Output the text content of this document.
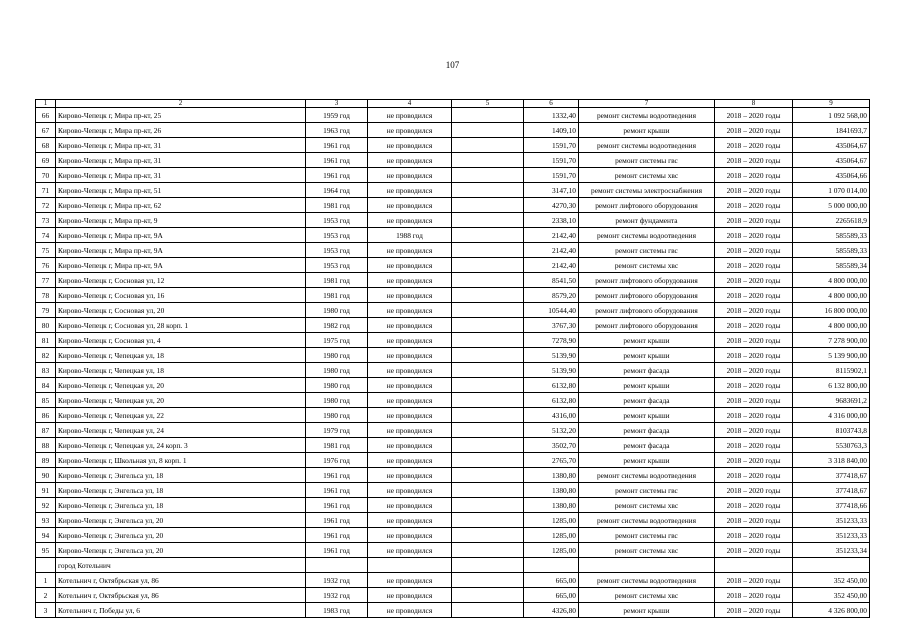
107
1	2	3	4	5	6	7	8	9
66	Кирово-Чепецк г, Мира пр-кт, 25	1959 год	не проводился		1332,40	ремонт системы водоотведения	2018 – 2020 годы	1 092 568,00
67	Кирово-Чепецк г, Мира пр-кт, 26	1963 год	не проводился		1409,10	ремонт крыши	2018 – 2020 годы	1841693,7
68	Кирово-Чепецк г, Мира пр-кт, 31	1961 год	не проводился		1591,70	ремонт системы водоотведения	2018 – 2020 годы	435064,67
69	Кирово-Чепецк г, Мира пр-кт, 31	1961 год	не проводился		1591,70	ремонт системы гвс	2018 – 2020 годы	435064,67
70	Кирово-Чепецк г, Мира пр-кт, 31	1961 год	не проводился		1591,70	ремонт системы хвс	2018 – 2020 годы	435064,66
71	Кирово-Чепецк г, Мира пр-кт, 51	1964 год	не проводился		3147,10	ремонт системы электроснабжения	2018 – 2020 годы	1 070 014,00
72	Кирово-Чепецк г, Мира пр-кт, 62	1981 год	не проводился		4270,30	ремонт лифтового оборудования	2018 – 2020 годы	5 000 000,00
73	Кирово-Чепецк г, Мира пр-кт, 9	1953 год	не проводился		2338,10	ремонт фундамента	2018 – 2020 годы	2265618,9
74	Кирово-Чепецк г, Мира пр-кт, 9А	1953 год	1988 год		2142,40	ремонт системы водоотведения	2018 – 2020 годы	585589,33
75	Кирово-Чепецк г, Мира пр-кт, 9А	1953 год	не проводился		2142,40	ремонт системы гвс	2018 – 2020 годы	585589,33
76	Кирово-Чепецк г, Мира пр-кт, 9А	1953 год	не проводился		2142,40	ремонт системы хвс	2018 – 2020 годы	585589,34
77	Кирово-Чепецк г, Сосновая ул, 12	1981 год	не проводился		8541,50	ремонт лифтового оборудования	2018 – 2020 годы	4 800 000,00
78	Кирово-Чепецк г, Сосновая ул, 16	1981 год	не проводился		8579,20	ремонт лифтового оборудования	2018 – 2020 годы	4 800 000,00
79	Кирово-Чепецк г, Сосновая ул, 20	1980 год	не проводился		10544,40	ремонт лифтового оборудования	2018 – 2020 годы	16 800 000,00
80	Кирово-Чепецк г, Сосновая ул, 28 корп. 1	1982 год	не проводился		3767,30	ремонт лифтового оборудования	2018 – 2020 годы	4 800 000,00
81	Кирово-Чепецк г, Сосновая ул, 4	1975 год	не проводился		7278,90	ремонт крыши	2018 – 2020 годы	7 278 900,00
82	Кирово-Чепецк г, Чепецкая ул, 18	1980 год	не проводился		5139,90	ремонт крыши	2018 – 2020 годы	5 139 900,00
83	Кирово-Чепецк г, Чепецкая ул, 18	1980 год	не проводился		5139,90	ремонт фасада	2018 – 2020 годы	8115902,1
84	Кирово-Чепецк г, Чепецкая ул, 20	1980 год	не проводился		6132,80	ремонт крыши	2018 – 2020 годы	6 132 800,00
85	Кирово-Чепецк г, Чепецкая ул, 20	1980 год	не проводился		6132,80	ремонт фасада	2018 – 2020 годы	9683691,2
86	Кирово-Чепецк г, Чепецкая ул, 22	1980 год	не проводился		4316,00	ремонт крыши	2018 – 2020 годы	4 316 000,00
87	Кирово-Чепецк г, Чепецкая ул, 24	1979 год	не проводился		5132,20	ремонт фасада	2018 – 2020 годы	8103743,8
88	Кирово-Чепецк г, Чепецкая ул, 24 корп. 3	1981 год	не проводился		3502,70	ремонт фасада	2018 – 2020 годы	5530763,3
89	Кирово-Чепецк г, Школьная ул, 8 корп. 1	1976 год	не проводился		2765,70	ремонт крыши	2018 – 2020 годы	3 318 840,00
90	Кирово-Чепецк г, Энгельса ул, 18	1961 год	не проводился		1380,80	ремонт системы водоотведения	2018 – 2020 годы	377418,67
91	Кирово-Чепецк г, Энгельса ул, 18	1961 год	не проводился		1380,80	ремонт системы гвс	2018 – 2020 годы	377418,67
92	Кирово-Чепецк г, Энгельса ул, 18	1961 год	не проводился		1380,80	ремонт системы хвс	2018 – 2020 годы	377418,66
93	Кирово-Чепецк г, Энгельса ул, 20	1961 год	не проводился		1285,00	ремонт системы водоотведения	2018 – 2020 годы	351233,33
94	Кирово-Чепецк г, Энгельса ул, 20	1961 год	не проводился		1285,00	ремонт системы гвс	2018 – 2020 годы	351233,33
95	Кирово-Чепецк г, Энгельса ул, 20	1961 год	не проводился		1285,00	ремонт системы хвс	2018 – 2020 годы	351233,34
	город Котельнич							
1	Котельнич г, Октябрьская ул, 86	1932 год	не проводился		665,00	ремонт системы водоотведения	2018 – 2020 годы	352 450,00
2	Котельнич г, Октябрьская ул, 86	1932 год	не проводился		665,00	ремонт системы хвс	2018 – 2020 годы	352 450,00
3	Котельнич г, Победы ул, 6	1983 год	не проводился		4326,80	ремонт крыши	2018 – 2020 годы	4 326 800,00
